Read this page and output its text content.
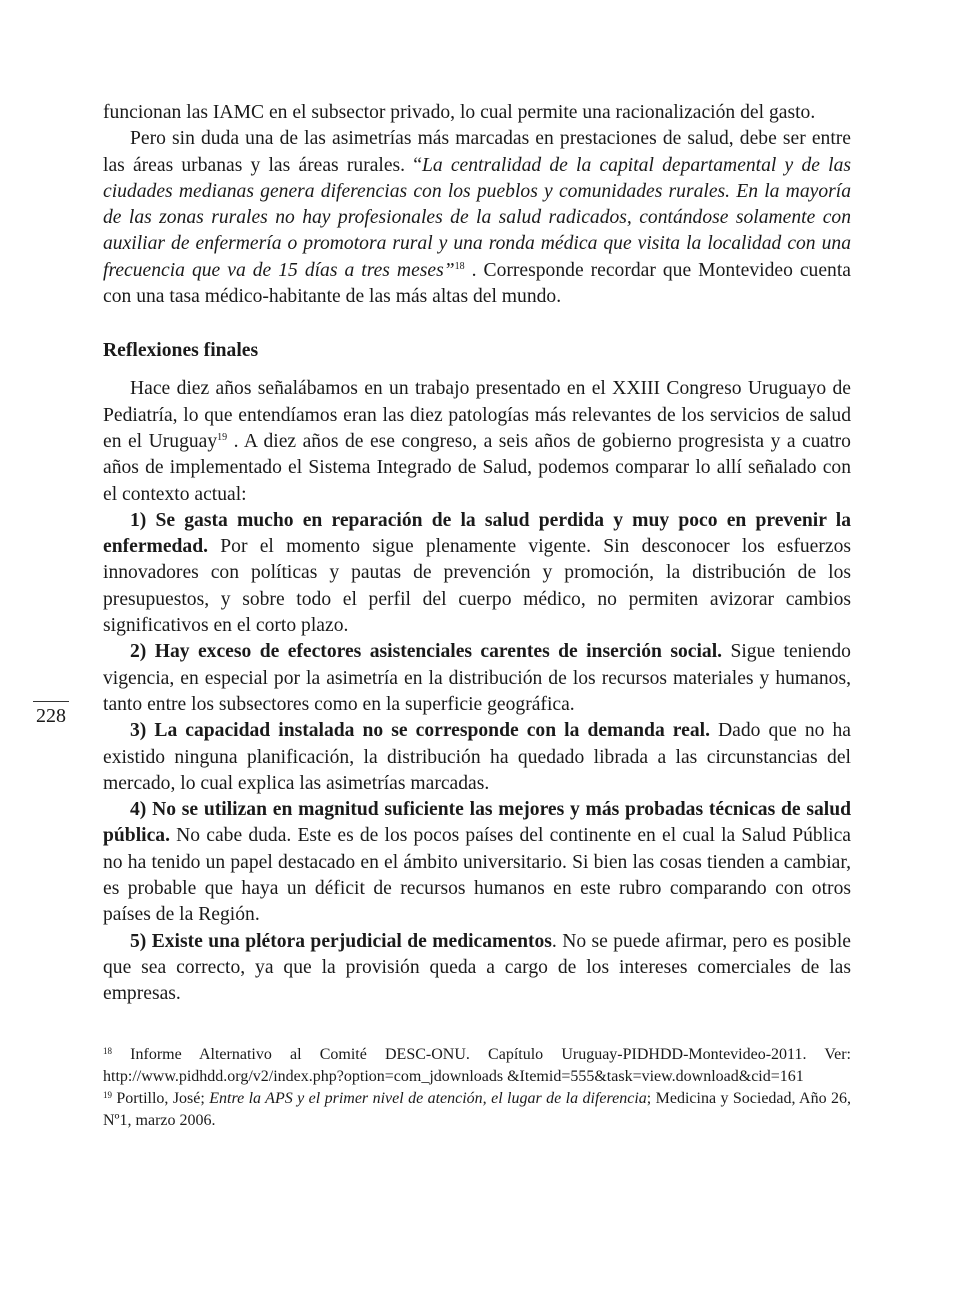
funcionan las IAMC en el subsector privado, lo cual permite una racionalización del gasto.

Pero sin duda una de las asimetrías más marcadas en prestaciones de salud, debe ser entre las áreas urbanas y las áreas rurales. “La centralidad de la capital departamental y de las ciudades medianas genera diferencias con los pueblos y comunidades rurales. En la mayoría de las zonas rurales no hay profesionales de la salud radicados, contándose solamente con auxiliar de enfermería o promotora rural y una ronda médica que visita la localidad con una frecuencia que va de 15 días a tres meses”$^{18}$ . Corresponde recordar que Montevideo cuenta con una tasa médico-habitante de las más altas del mundo.

Reflexiones finales

Hace diez años señalábamos en un trabajo presentado en el XXIII Congreso Uruguayo de Pediatría, lo que entendíamos eran las diez patologías más relevantes de los servicios de salud en el Uruguay$^{19}$ . A diez años de ese congreso, a seis años de gobierno progresista y a cuatro años de implementado el Sistema Integrado de Salud, podemos comparar lo allí señalado con el contexto actual:

1) Se gasta mucho en reparación de la salud perdida y muy poco en prevenir la enfermedad. Por el momento sigue plenamente vigente. Sin desconocer los esfuerzos innovadores con políticas y pautas de prevención y promoción, la distribución de los presupuestos, y sobre todo el perfil del cuerpo médico, no permiten avizorar cambios significativos en el corto plazo.

2) Hay exceso de efectores asistenciales carentes de inserción social. Sigue teniendo vigencia, en especial por la asimetría en la distribución de los recursos materiales y humanos, tanto entre los subsectores como en la superficie geográfica.

3) La capacidad instalada no se corresponde con la demanda real. Dado que no ha existido ninguna planificación, la distribución ha quedado librada a las circunstancias del mercado, lo cual explica las asimetrías marcadas.

4) No se utilizan en magnitud suficiente las mejores y más probadas técnicas de salud pública. No cabe duda. Este es de los pocos países del continente en el cual la Salud Pública no ha tenido un papel destacado en el ámbito universitario. Si bien las cosas tienden a cambiar, es probable que haya un déficit de recursos humanos en este rubro comparando con otros países de la Región.

5) Existe una plétora perjudicial de medicamentos. No se puede afirmar, pero es posible que sea correcto, ya que la provisión queda a cargo de los intereses comerciales de las empresas.

$^{18}$ Informe Alternativo al Comité DESC-ONU. Capítulo Uruguay-PIDHDD-Montevideo-2011. Ver: http://www.pidhdd.org/v2/index.php?option=com_jdownloads &Itemid=555&task=view.download&cid=161

$^{19}$ Portillo, José; Entre la APS y el primer nivel de atención, el lugar de la diferencia; Medicina y Sociedad, Año 26, Nº1, marzo 2006.

228
